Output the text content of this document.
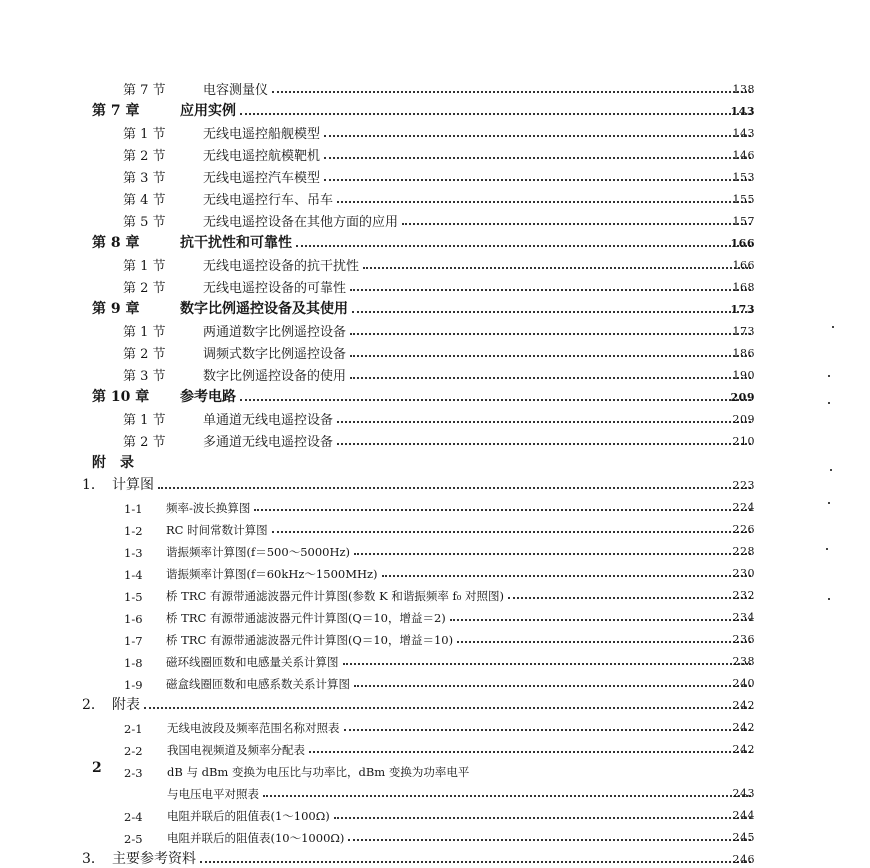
第 7 节	电容测量仪	138
第 7 章	应用实例	143
第 1 节	无线电遥控船舰模型	143
第 2 节	无线电遥控航模靶机	146
第 3 节	无线电遥控汽车模型	153
第 4 节	无线电遥控行车、吊车	155
第 5 节	无线电遥控设备在其他方面的应用	157
第 8 章	抗干扰性和可靠性	166
第 1 节	无线电遥控设备的抗干扰性	166
第 2 节	无线电遥控设备的可靠性	168
第 9 章	数字比例遥控设备及其使用	173
第 1 节	两通道数字比例遥控设备	173
第 2 节	调频式数字比例遥控设备	186
第 3 节	数字比例遥控设备的使用	190
第 10 章	参考电路	209
第 1 节	单通道无线电遥控设备	209
第 2 节	多通道无线电遥控设备	210
附　录
1． 计算图	223
1-1	频率-波长换算图	224
1-2	RC 时间常数计算图	226
1-3	谐振频率计算图(f＝500～5000Hz)	228
1-4	谐振频率计算图(f＝60kHz～1500MHz)	230
1-5	桥 TRC 有源带通滤波器元件计算图(参数 K 和谐振频率 f₀ 对照图)	232
1-6	桥 TRC 有源带通滤波器元件计算图(Q＝10，增益＝2)	234
1-7	桥 TRC 有源带通滤波器元件计算图(Q＝10，增益＝10)	236
1-8	磁环线圈匝数和电感量关系计算图	238
1-9	磁盒线圈匝数和电感系数关系计算图	240
2． 附表	242
2-1	无线电波段及频率范围名称对照表	242
2-2	我国电视频道及频率分配表	242
2-3	dB 与 dBm 变换为电压比与功率比，dBm 变换为功率电平
与电压电平对照表	243
2-4	电阻并联后的阻值表(1～100Ω)	244
2-5	电阻并联后的阻值表(10～1000Ω)	245
3． 主要参考资料	246
2
